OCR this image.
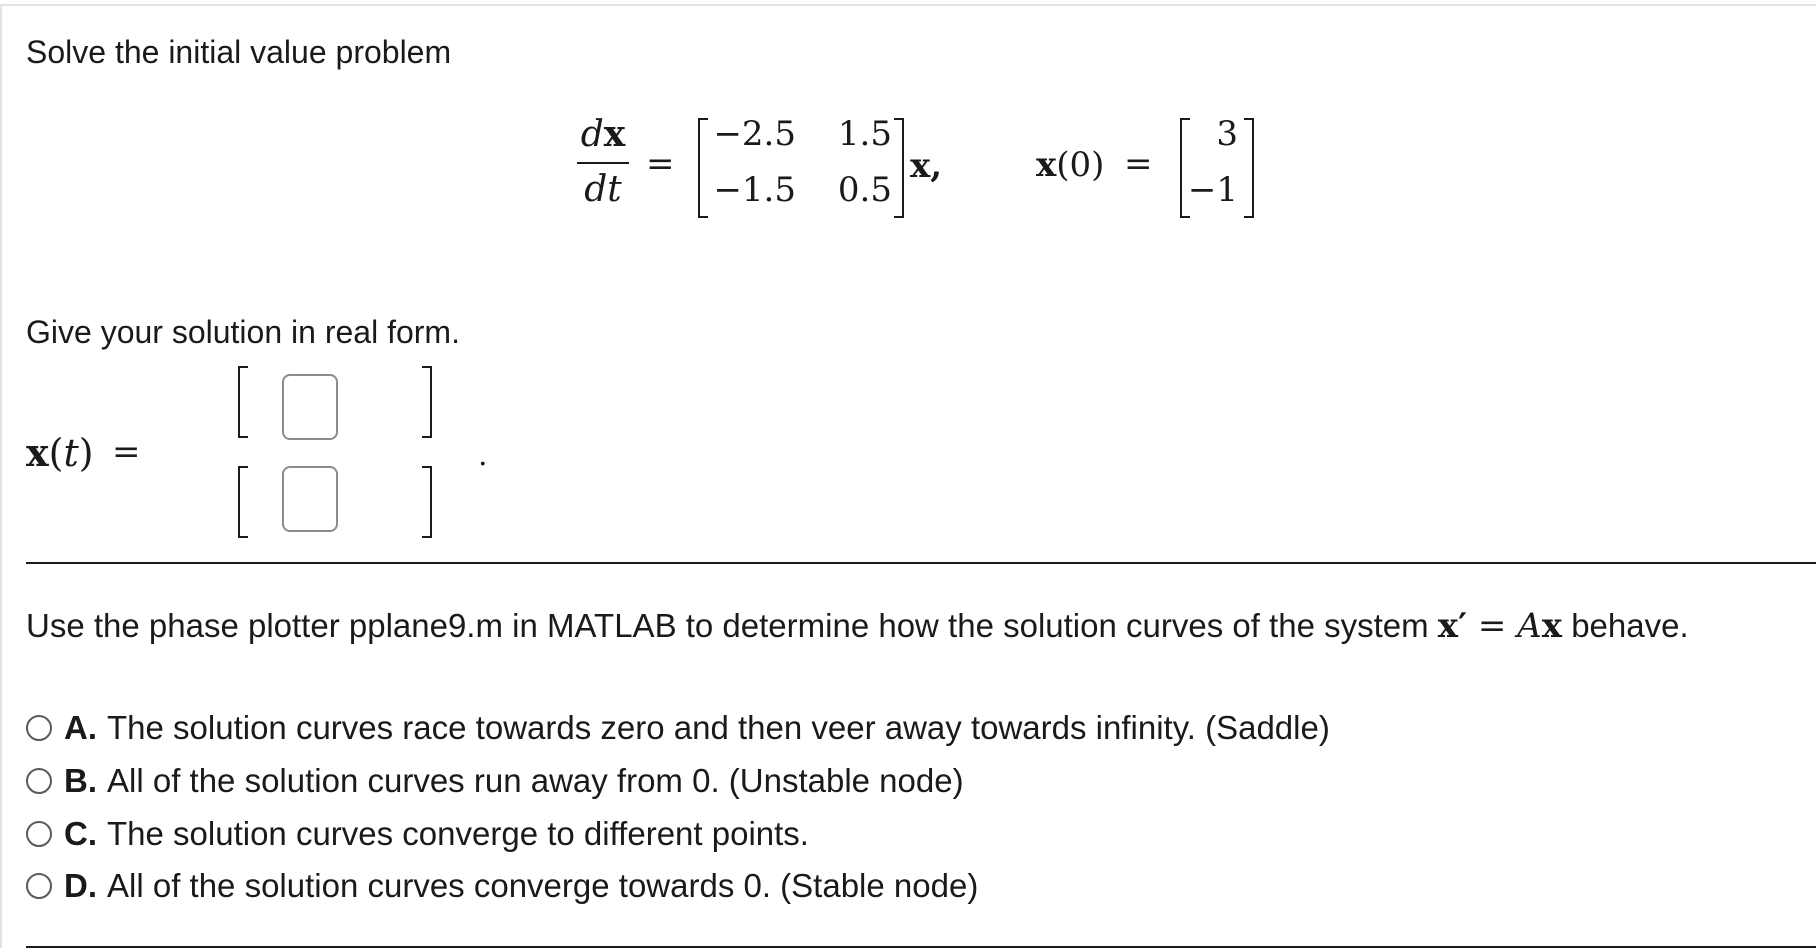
Solve the initial value problem
dx
dt
=
−2.5	1.5
−1.5	0.5
x,	x(0) =
3
−1
Give your solution in real form.
x(t) =	.
Use the phase plotter pplane9.m in MATLAB to determine how the solution curves of the system x′ = Ax behave.
A. The solution curves race towards zero and then veer away towards infinity. (Saddle)
B. All of the solution curves run away from 0. (Unstable node)
C. The solution curves converge to different points.
D. All of the solution curves converge towards 0. (Stable node)
